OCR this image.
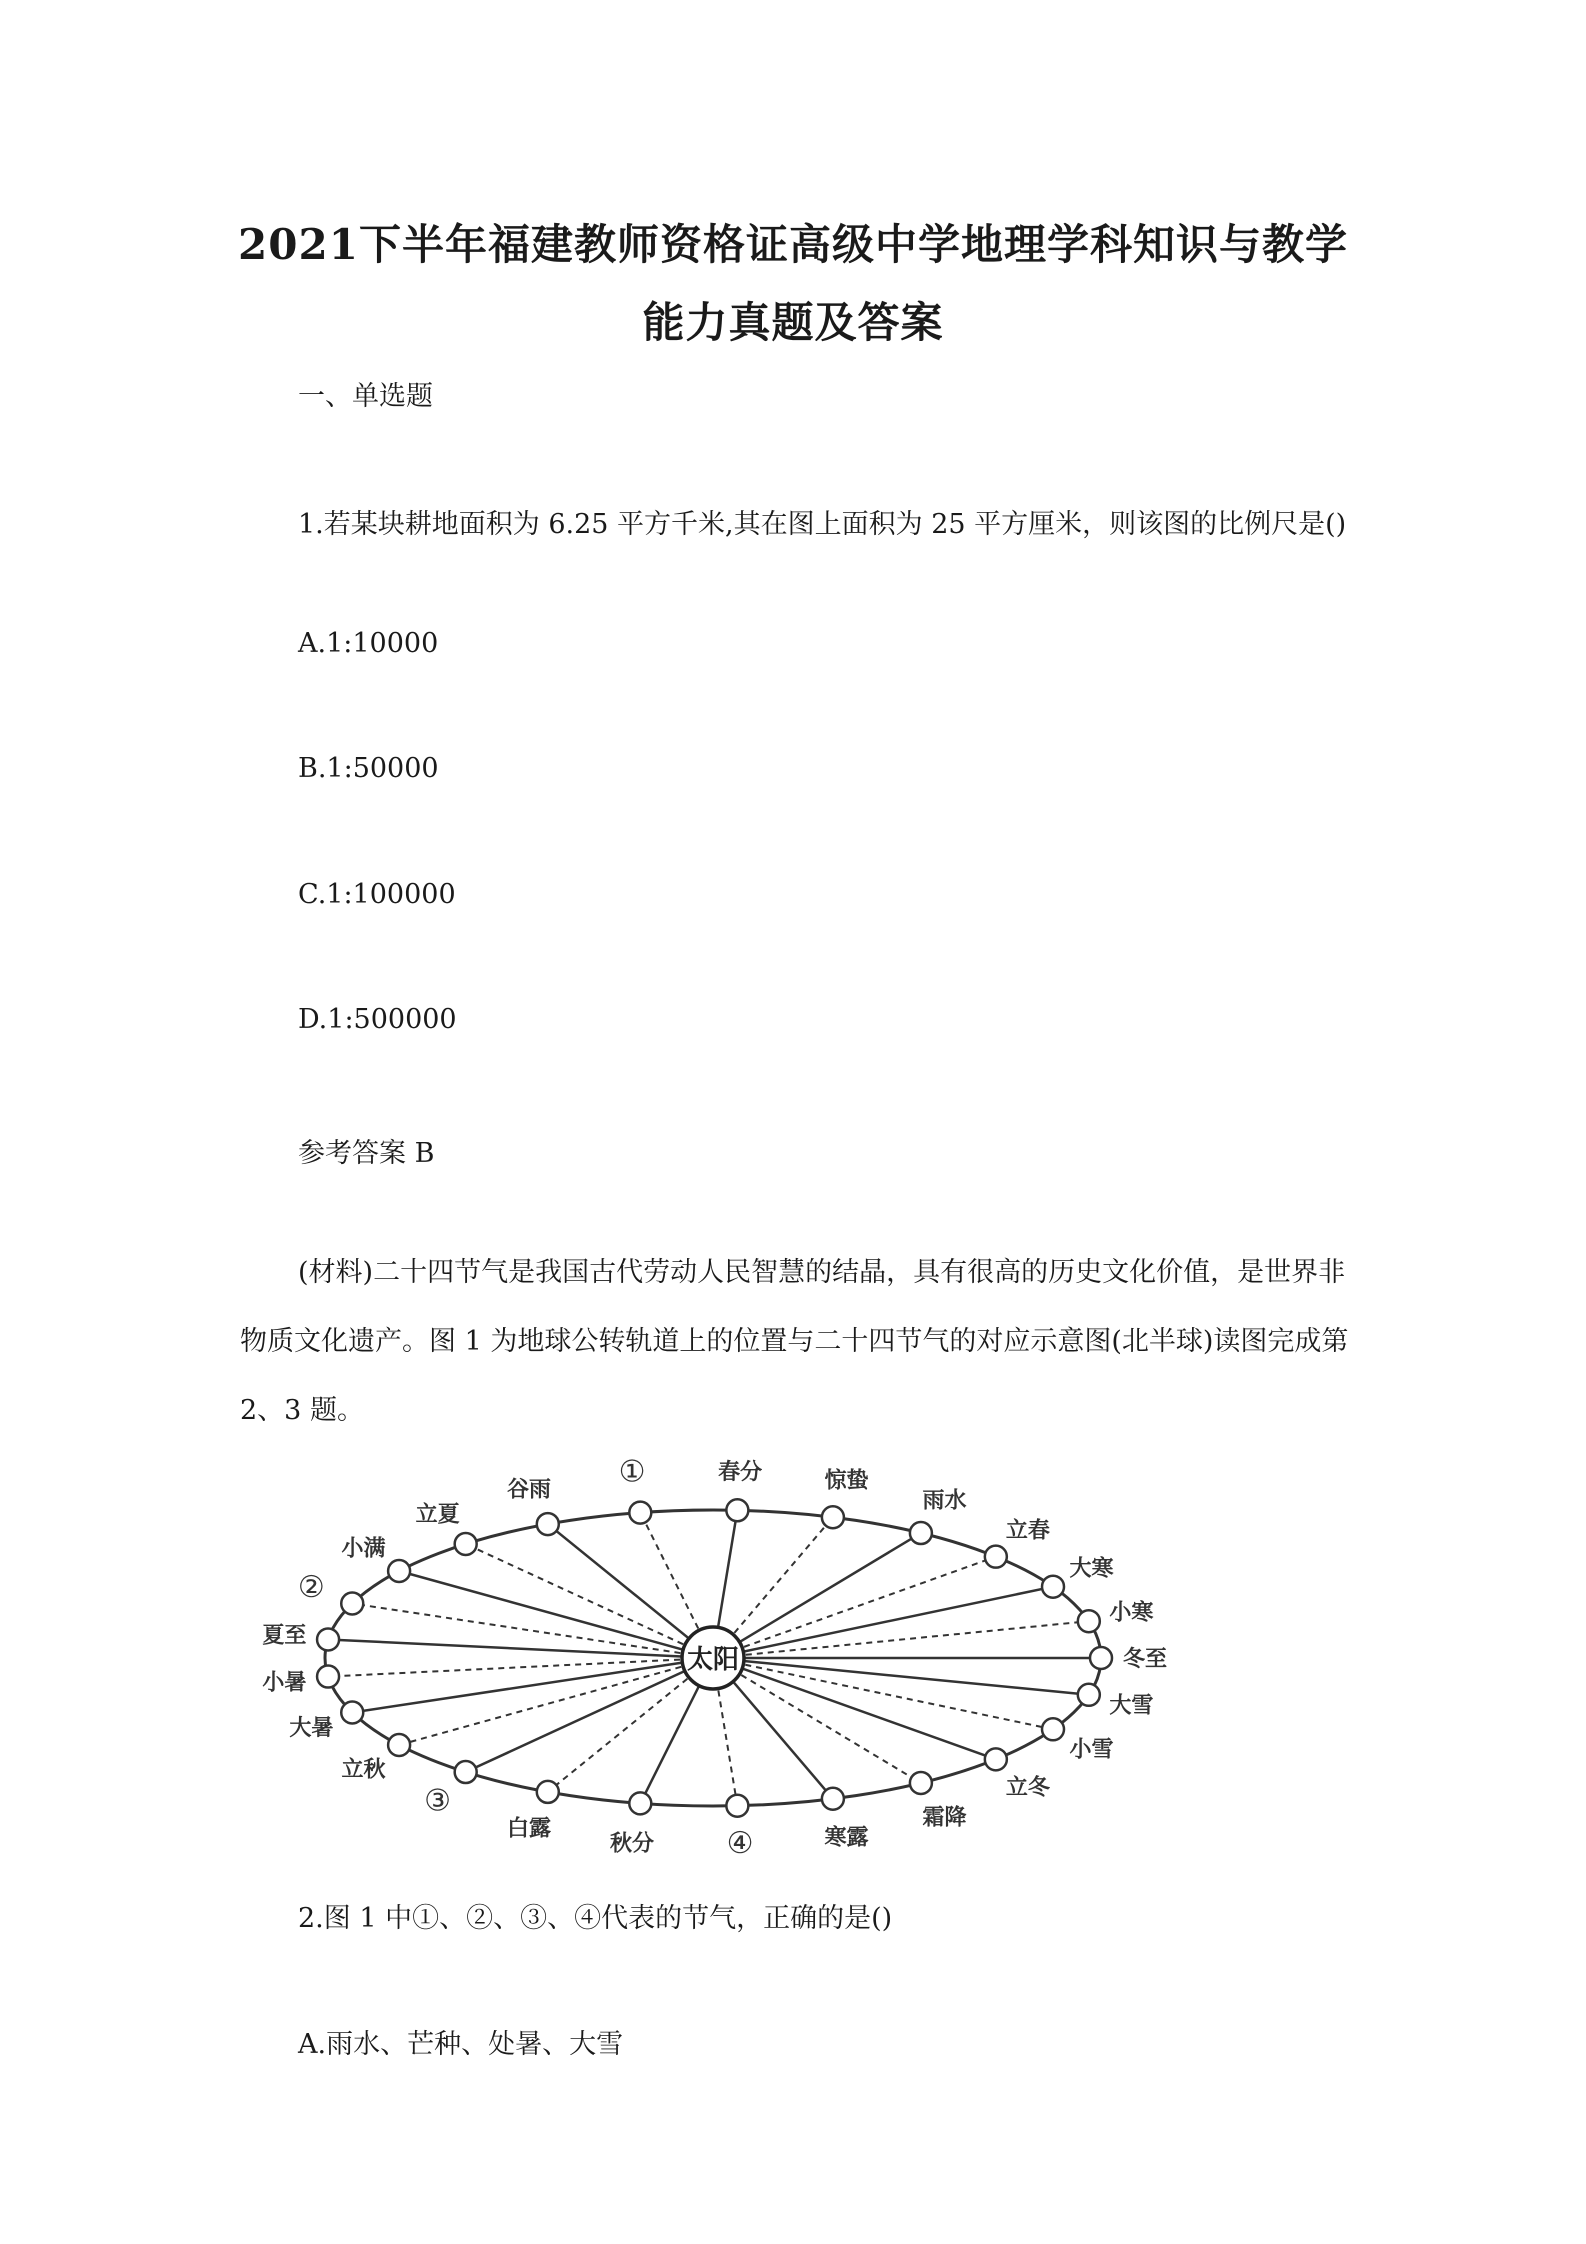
2021下半年福建教师资格证高级中学地理学科知识与教学
能力真题及答案

一、单选题

1.若某块耕地面积为 6.25 平方千米,其在图上面积为 25 平方厘米，则该图的比例尺是()

A.1:10000

B.1:50000

C.1:100000

D.1:500000

参考答案 B

(材料)二十四节气是我国古代劳动人民智慧的结晶，具有很高的历史文化价值，是世界非物质文化遗产。图 1 为地球公转轨道上的位置与二十四节气的对应示意图(北半球)读图完成第 2、3 题。

冬至
小寒
大寒
立春
雨水
惊蛰
春分
①
谷雨
立夏
小满
②
夏至
小暑
大暑
立秋
③
白露
秋分 ④	寒露
霜降
立冬
小雪
大雪
太阳

2.图 1 中①、②、③、④代表的节气，正确的是()

A.雨水、芒种、处暑、大雪
